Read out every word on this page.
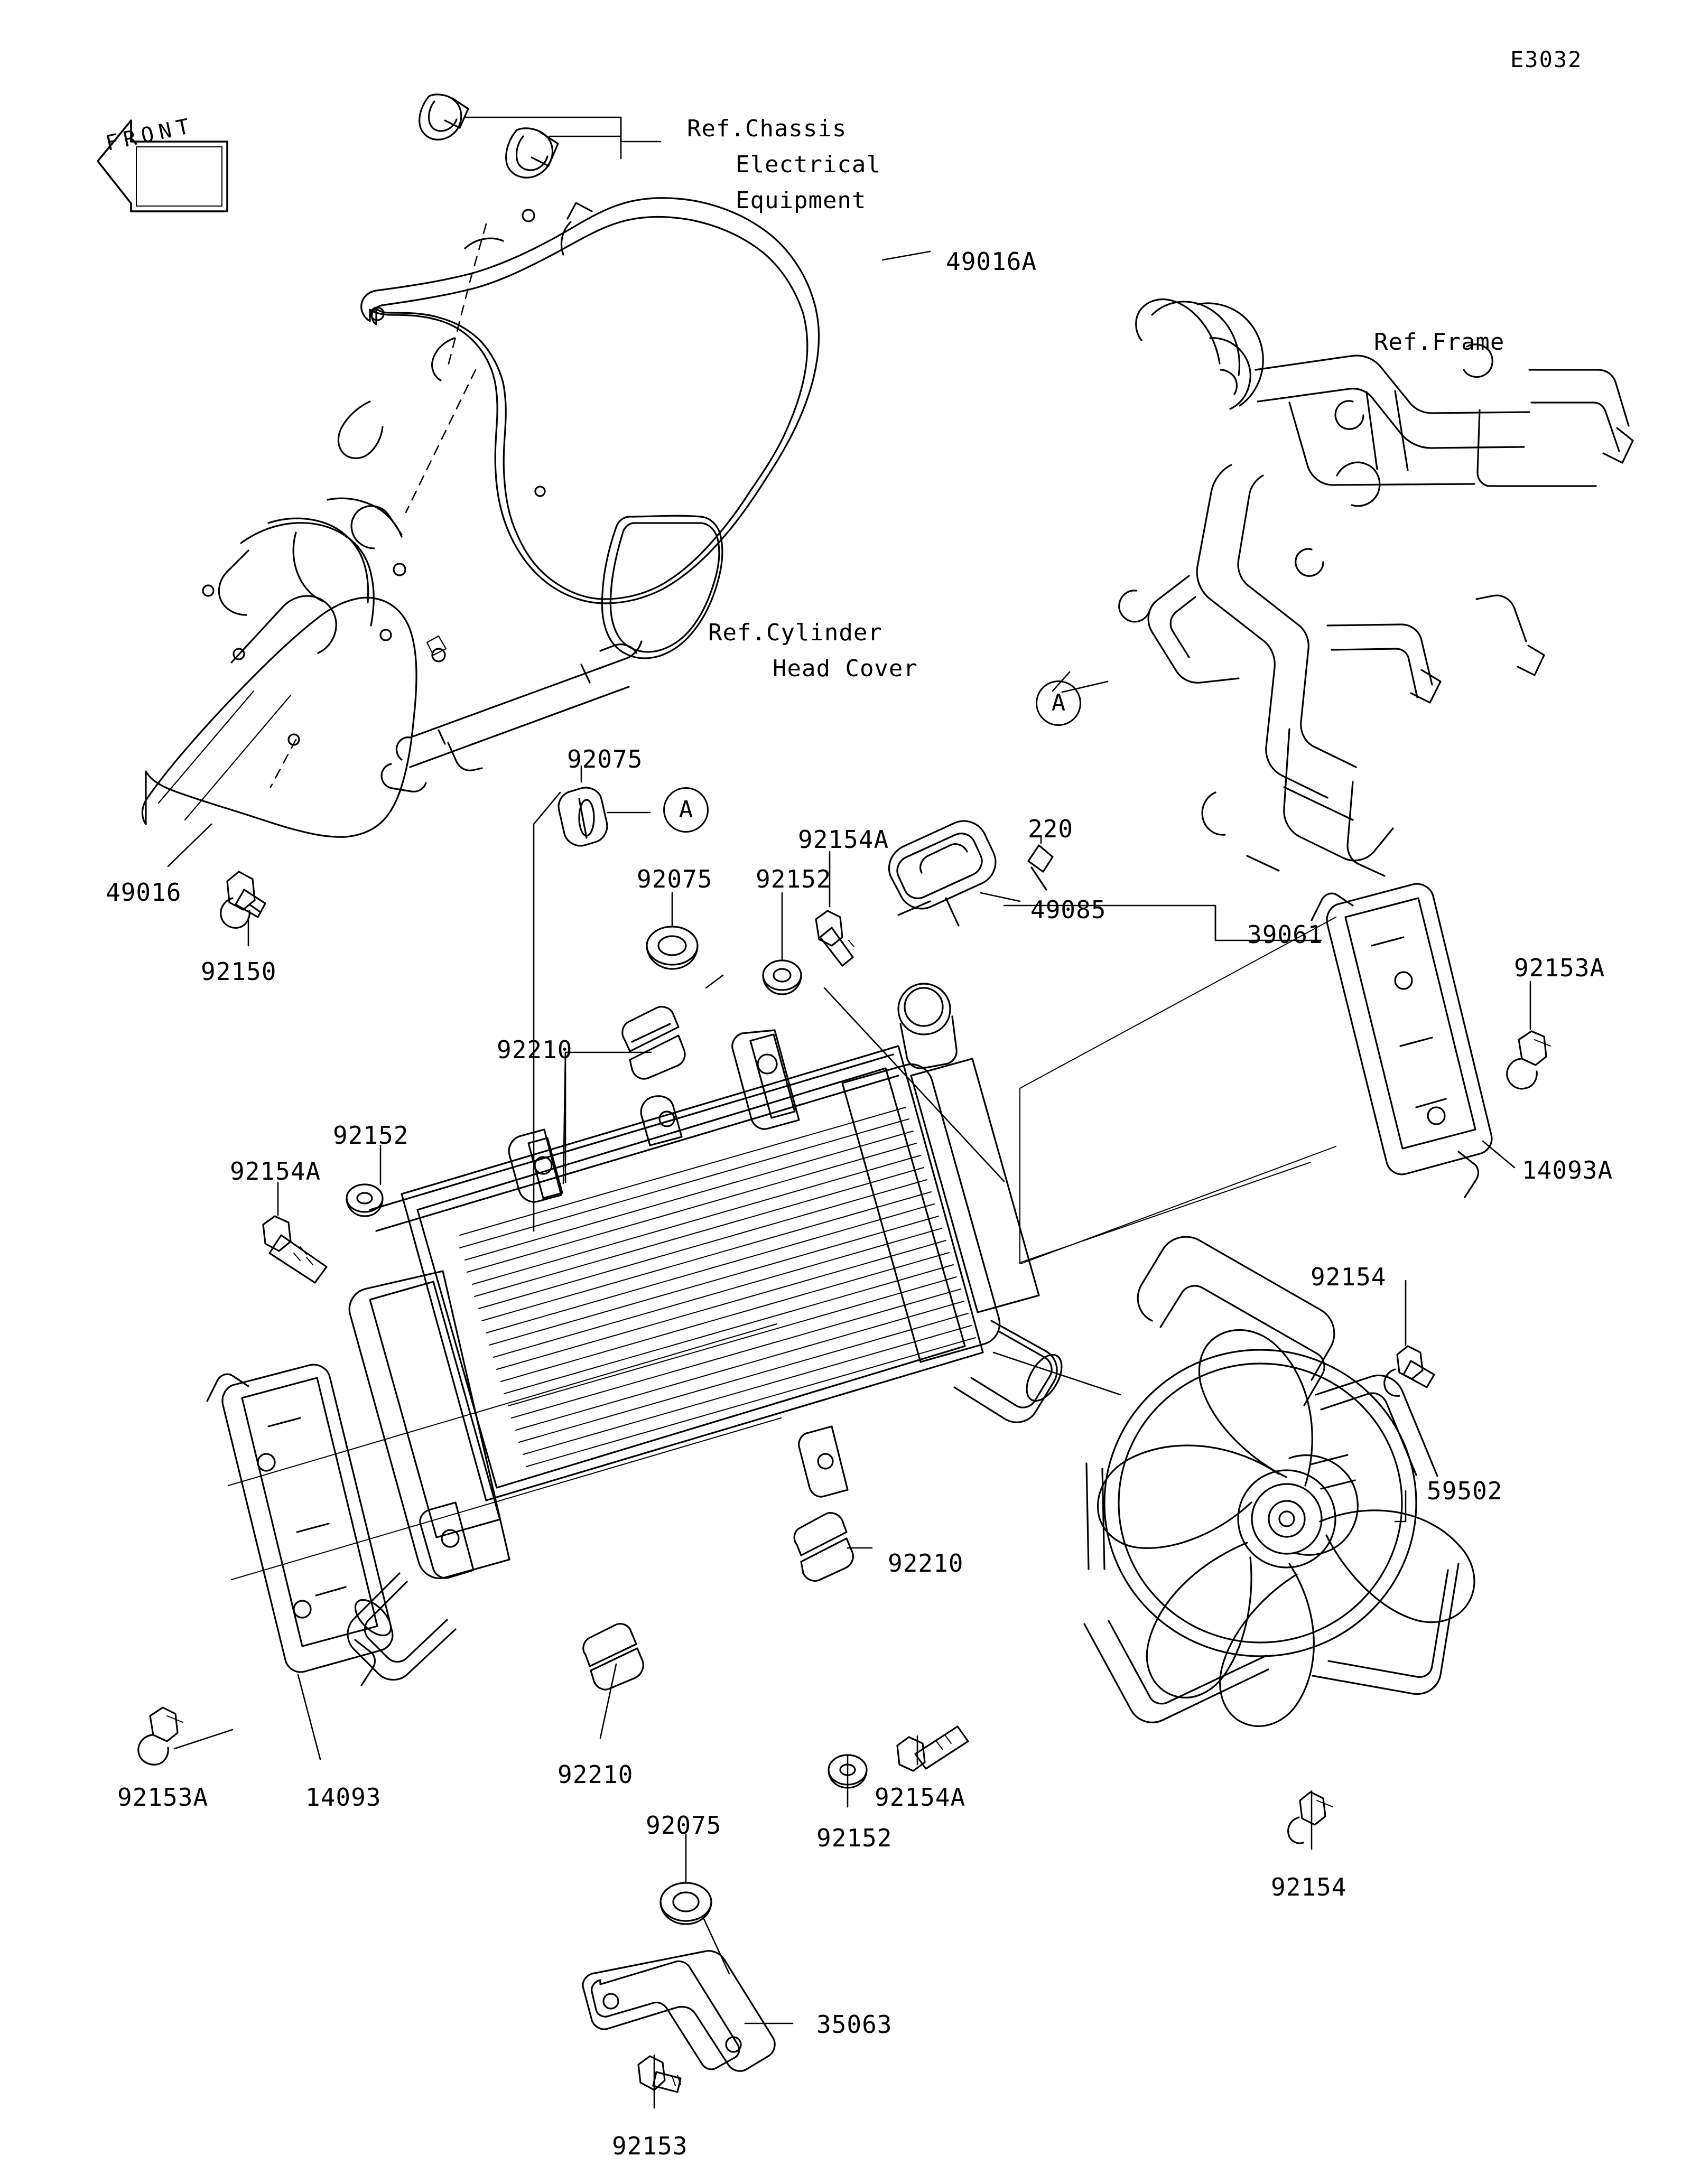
E3032
FRONT	Ref.Chassis
Electrical
Equipment
Ref.Frame
Ref.Cylinder
Head Cover
A
A
49016A
49016
92150
92075
92075 92152
92154A	220
49085
39061
92153A
14093A
92210
92152
92154A
92154
59502
92210
92153A	14093
92210
92075	92152
92154A
92154
35063
92153
